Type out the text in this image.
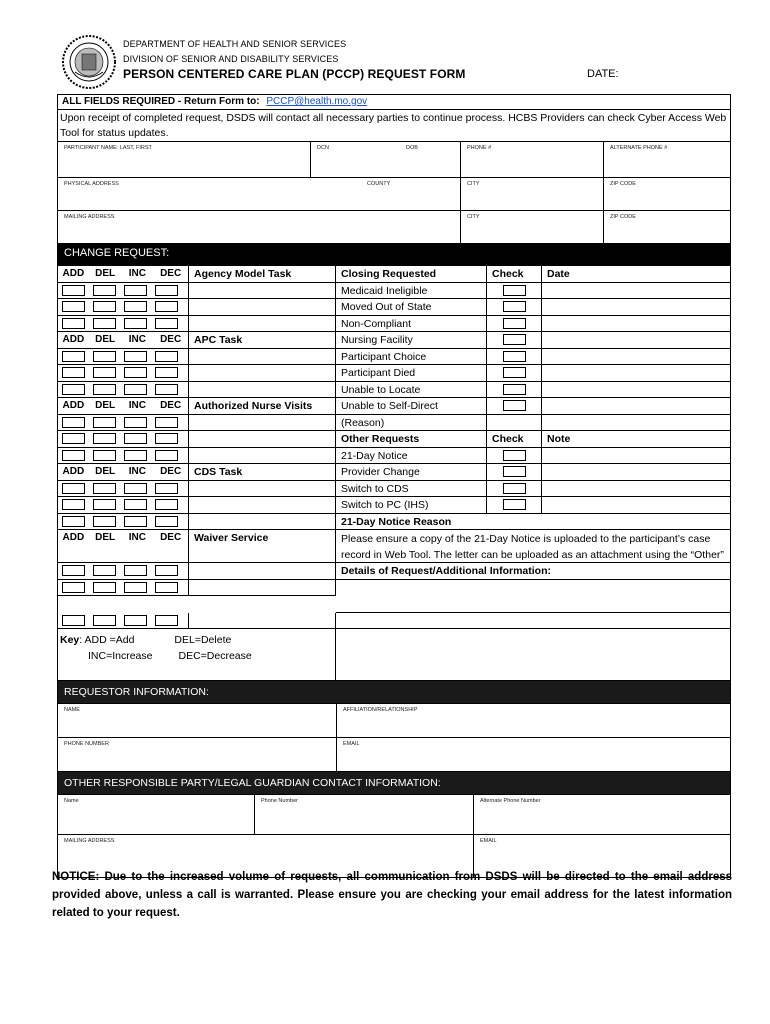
DEPARTMENT OF HEALTH AND SENIOR SERVICES
DIVISION OF SENIOR AND DISABILITY SERVICES
PERSON CENTERED CARE PLAN (PCCP) REQUEST FORM	DATE:
ALL FIELDS REQUIRED - Return Form to: PCCP@health.mo.gov
Upon receipt of completed request, DSDS will contact all necessary parties to continue process. HCBS Providers can check Cyber Access Web Tool for status updates.
PARTICIPANT NAME: LAST, FIRST	DCN	DOB	PHONE #	ALTERNATE PHONE #
PHYSICAL ADDRESS	COUNTY	CITY	ZIP CODE
MAILING ADDRESS	CITY	ZIP CODE
CHANGE REQUEST:
ADD	DEL	INC	DEC	Agency Model Task	Closing Requested	Check	Date
Medicaid Ineligible
Moved Out of State
Non-Compliant
ADD	DEL	INC	DEC	APC Task	Nursing Facility
Participant Choice
Participant Died
Unable to Locate
ADD	DEL	INC	DEC	Authorized Nurse Visits	Unable to Self-Direct
(Reason)
Other Requests	Check	Note
21-Day Notice
ADD	DEL	INC	DEC	CDS Task	Provider Change
Switch to CDS
Switch to PC (IHS)
21-Day Notice Reason
ADD	DEL	INC	DEC	Waiver Service	Please ensure a copy of the 21-Day Notice is uploaded to the participant’s case record in Web Tool. The letter can be uploaded as an attachment using the “Other”
Details of Request/Additional Information:
Key: ADD =Add	DEL=Delete
INC=Increase DEC=Decrease
REQUESTOR INFORMATION:
NAME	AFFILIATION/RELATIONSHIP
PHONE NUMBER	EMAIL
OTHER RESPONSIBLE PARTY/LEGAL GUARDIAN CONTACT INFORMATION:
Name	Phone Number	Alternate Phone Number
MAILING ADDRESS	EMAIL
NOTICE: Due to the increased volume of requests, all communication from DSDS will be directed to the email address provided above, unless a call is warranted. Please ensure you are checking your email address for the latest information related to your request.
